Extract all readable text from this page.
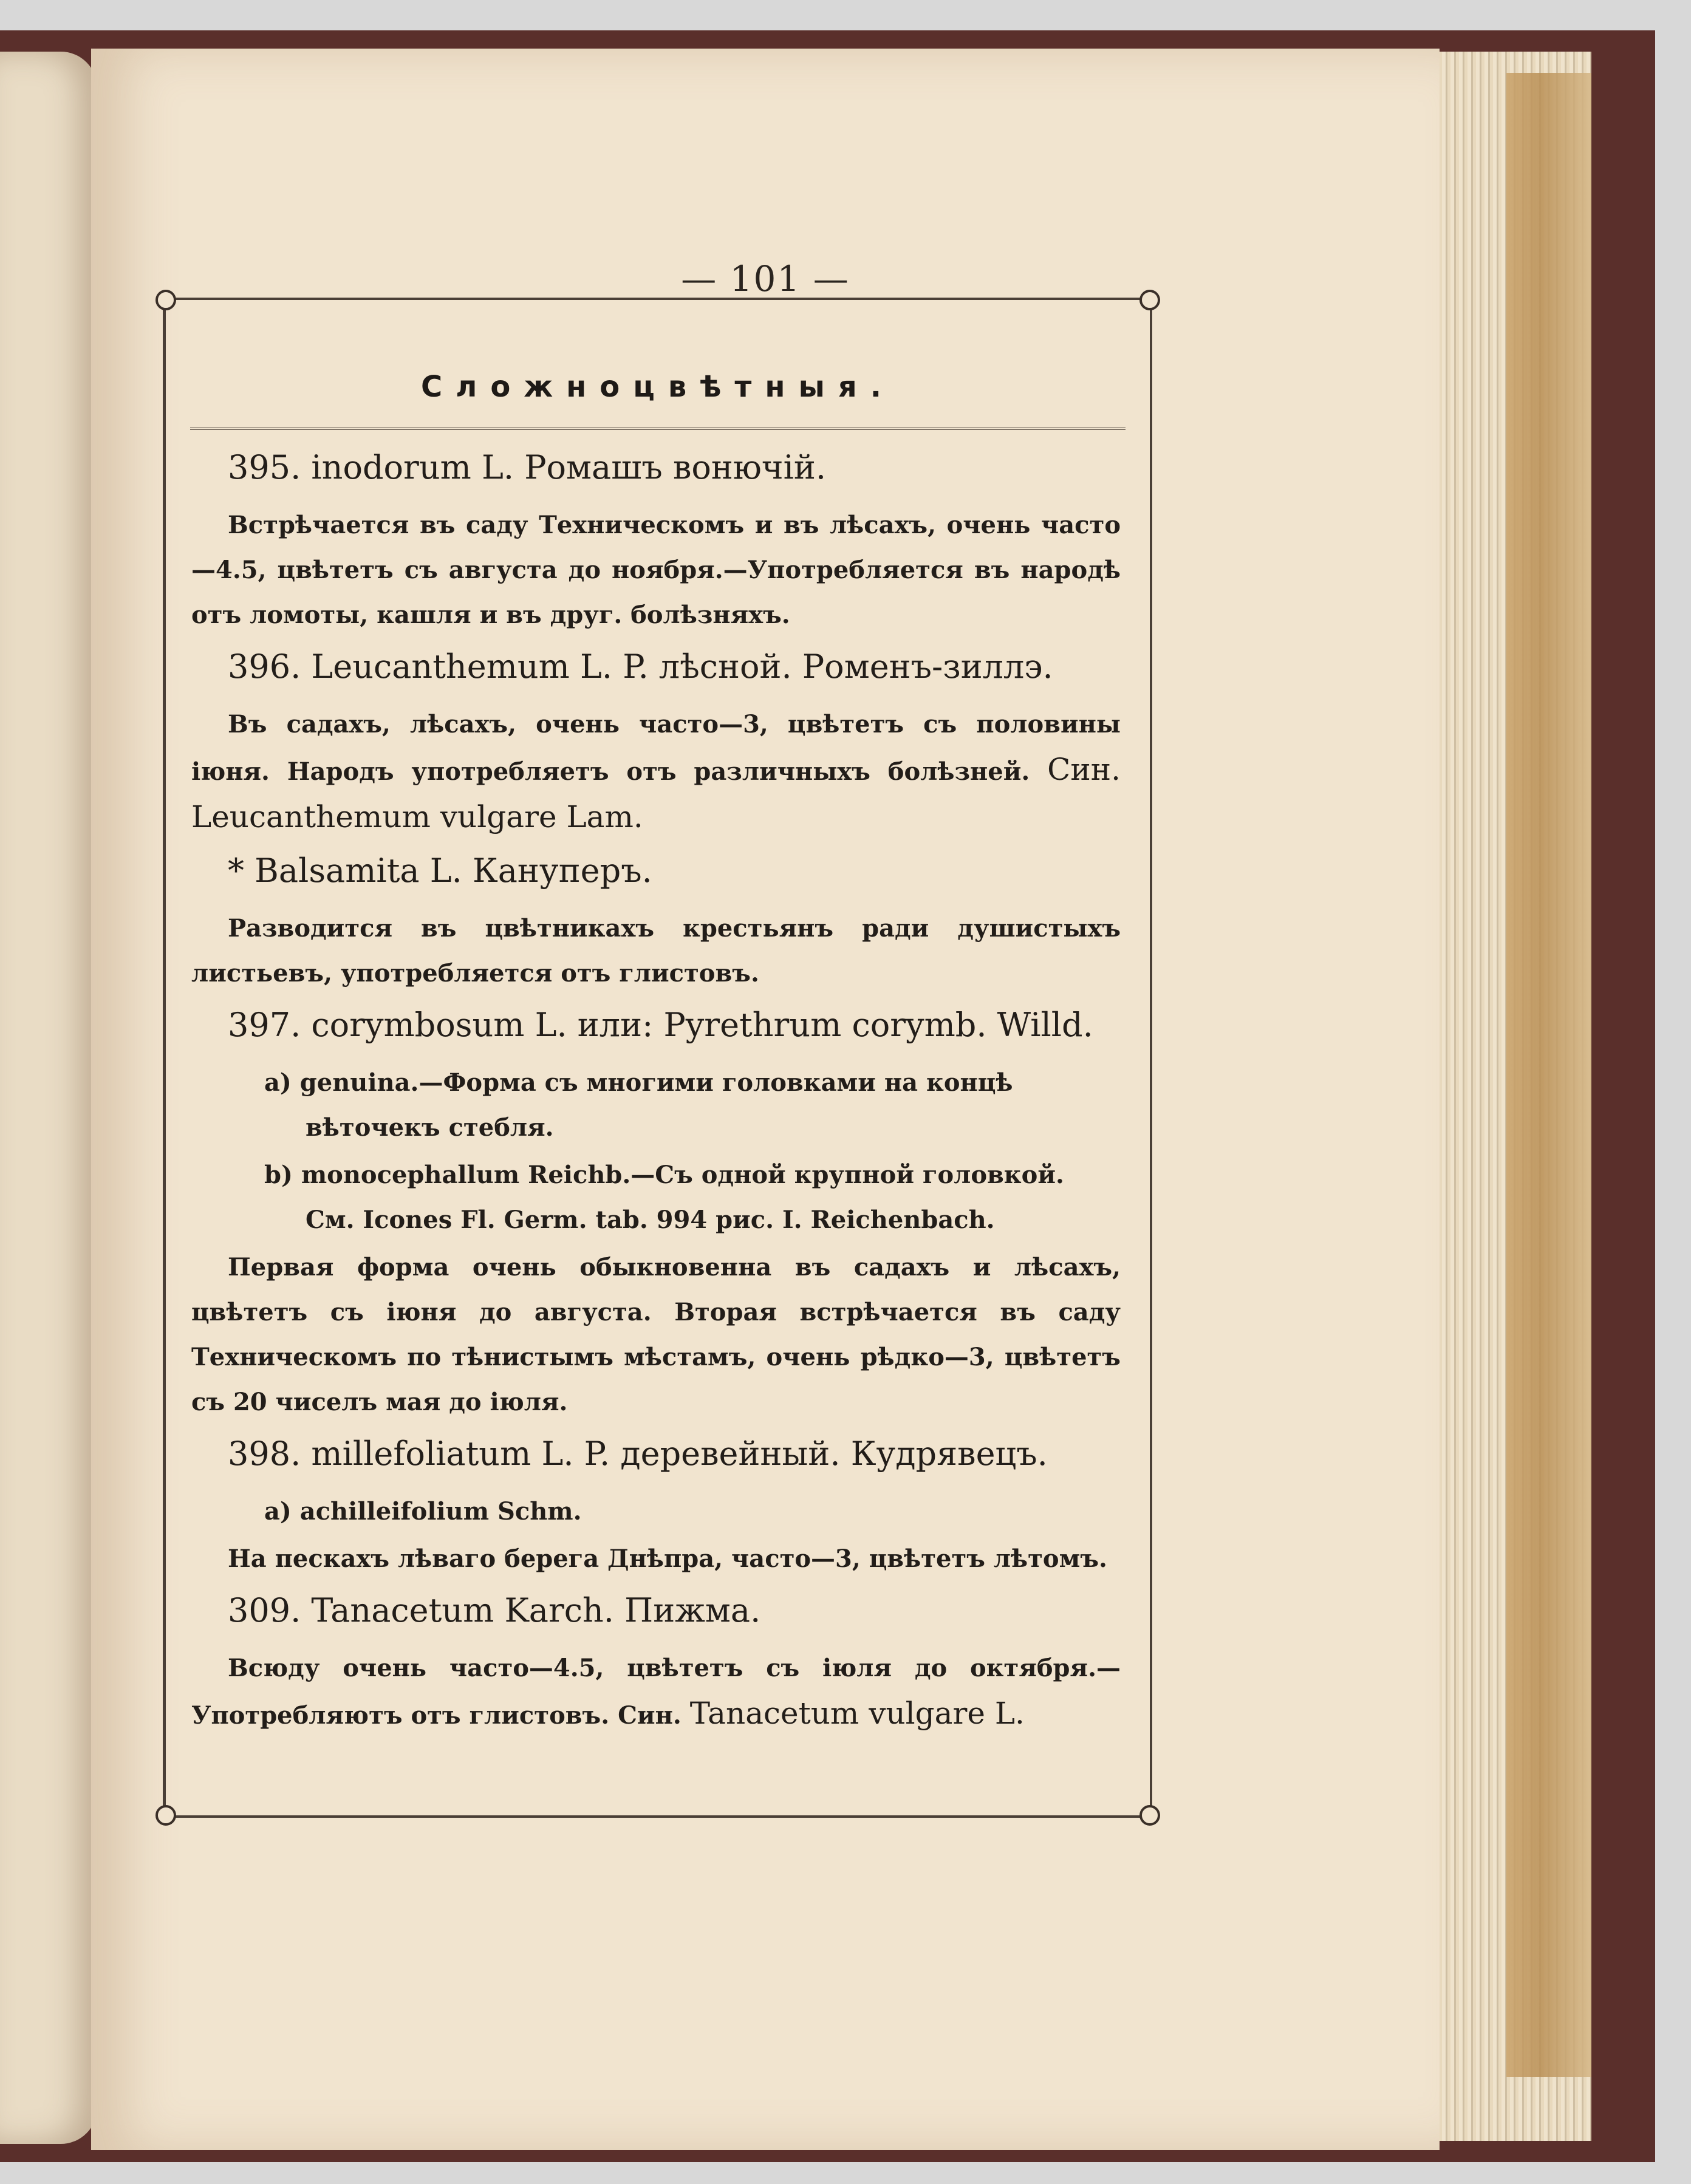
— 101 —
Сложноцвѣтныя.
395. inodorum L. Ромашъ вонючій.

Встрѣчается въ саду Техническомъ и въ лѣсахъ, очень часто —4.5, цвѣтетъ съ августа до ноября.—Употребляется въ народѣ отъ ломоты, кашля и въ друг. болѣзняхъ.

396. Leucanthemum L. P. лѣсной. Роменъ-зиллэ.

Въ садахъ, лѣсахъ, очень часто—3, цвѣтетъ съ половины іюня. Народъ употребляетъ отъ различныхъ болѣзней. Син. Leucanthemum vulgare Lam.

* Balsamita L. Кануперъ.

Разводится въ цвѣтникахъ крестьянъ ради душистыхъ листьевъ, употребляется отъ глистовъ.

397. corymbosum L. или: Pyrethrum corymb. Willd.

а) genuina.—Форма съ многими головками на концѣ вѣточекъ стебля.

b) monocephallum Reichb.—Съ одной крупной головкой. См. Icones Fl. Germ. tab. 994 рис. I. Reichenbach.

Первая форма очень обыкновенна въ садахъ и лѣсахъ, цвѣтетъ съ іюня до августа. Вторая встрѣчается въ саду Техническомъ по тѣнистымъ мѣстамъ, очень рѣдко—3, цвѣтетъ съ 20 чиселъ мая до іюля.

398. millefoliatum L. P. деревейный. Кудрявецъ.

а) achilleifolium Schm.

На пескахъ лѣваго берега Днѣпра, часто—3, цвѣтетъ лѣтомъ.

309. Tanacetum Karch. Пижма.

Всюду очень часто—4.5, цвѣтетъ съ іюля до октября.—Употребляютъ отъ глистовъ. Син. Tanacetum vulgare L.
